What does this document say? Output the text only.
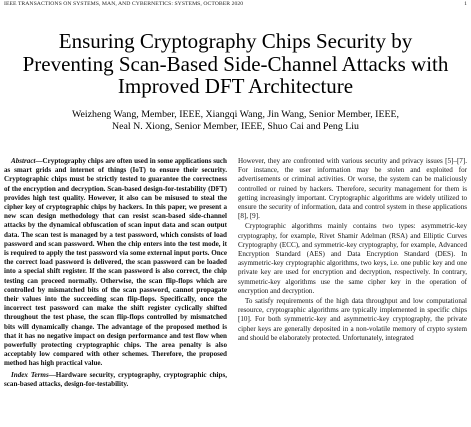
IEEE TRANSACTIONS ON SYSTEMS, MAN, AND CYBERNETICS: SYSTEMS, OCTOBER 2020	1
Ensuring Cryptography Chips Security by
Preventing Scan-Based Side-Channel Attacks with
Improved DFT Architecture
Weizheng Wang, Member, IEEE, Xiangqi Wang, Jin Wang, Senior Member, IEEE,
Neal N. Xiong, Senior Member, IEEE, Shuo Cai and Peng Liu

Abstract—Cryptography chips are often used in some applications such as smart grids and internet of things (IoT) to ensure their security. Cryptographic chips must be strictly tested to guarantee the correctness of the encryption and decryption. Scan-based design-for-testability (DFT) provides high test quality. However, it also can be misused to steal the cipher key of cryptographic chips by hackers. In this paper, we present a new scan design methodology that can resist scan-based side-channel attacks by the dynamical obfuscation of scan input data and scan output data. The scan test is managed by a test password, which consists of load password and scan password. When the chip enters into the test mode, it is required to apply the test password via some external input ports. Once the correct load password is delivered, the scan password can be loaded into a special shift register. If the scan password is also correct, the chip testing can proceed normally. Otherwise, the scan flip-flops which are controlled by mismatched bits of the scan password, cannot propagate their values into the succeeding scan flip-flops. Specifically, once the incorrect test password can make the shift register cyclically shifted throughout the test phase, the scan flip-flops controlled by mismatched bits will dynamically change. The advantage of the proposed method is that it has no negative impact on design performance and test flow when powerfully protecting cryptographic chips. The area penalty is also acceptably low compared with other schemes. Therefore, the proposed method has high practical value.

Index Terms—Hardware security, cryptography, cryptographic chips, scan-based attacks, design-for-testability.

However, they are confronted with various security and privacy issues [5]–[7]. For instance, the user information may be stolen and exploited for advertisements or criminal activities. Or worse, the system can be maliciously controlled or ruined by hackers. Therefore, security management for them is getting increasingly important. Cryptographic algorithms are widely utilized to ensure the security of information, data and control system in these applications [8], [9].

Cryptographic algorithms mainly contains two types: asymmetric-key cryptography, for example, Rivet Shamir Adelman (RSA) and Elliptic Curves Cryptography (ECC), and symmetric-key cryptography, for example, Advanced Encryption Standard (AES) and Data Encryption Standard (DES). In asymmetric-key cryptographic algorithms, two keys, i.e. one public key and one private key are used for encryption and decryption, respectively. In contrary, symmetric-key algorithms use the same cipher key in the operation of encryption and decryption.

To satisfy requirements of the high data throughput and low computational resource, cryptographic algorithms are typically implemented in specific chips [10]. For both symmetric-key and asymmetric-key cryptography, the private cipher keys are generally deposited in a non-volatile memory of crypto system and should be elaborately protected. Unfortunately, integrated
